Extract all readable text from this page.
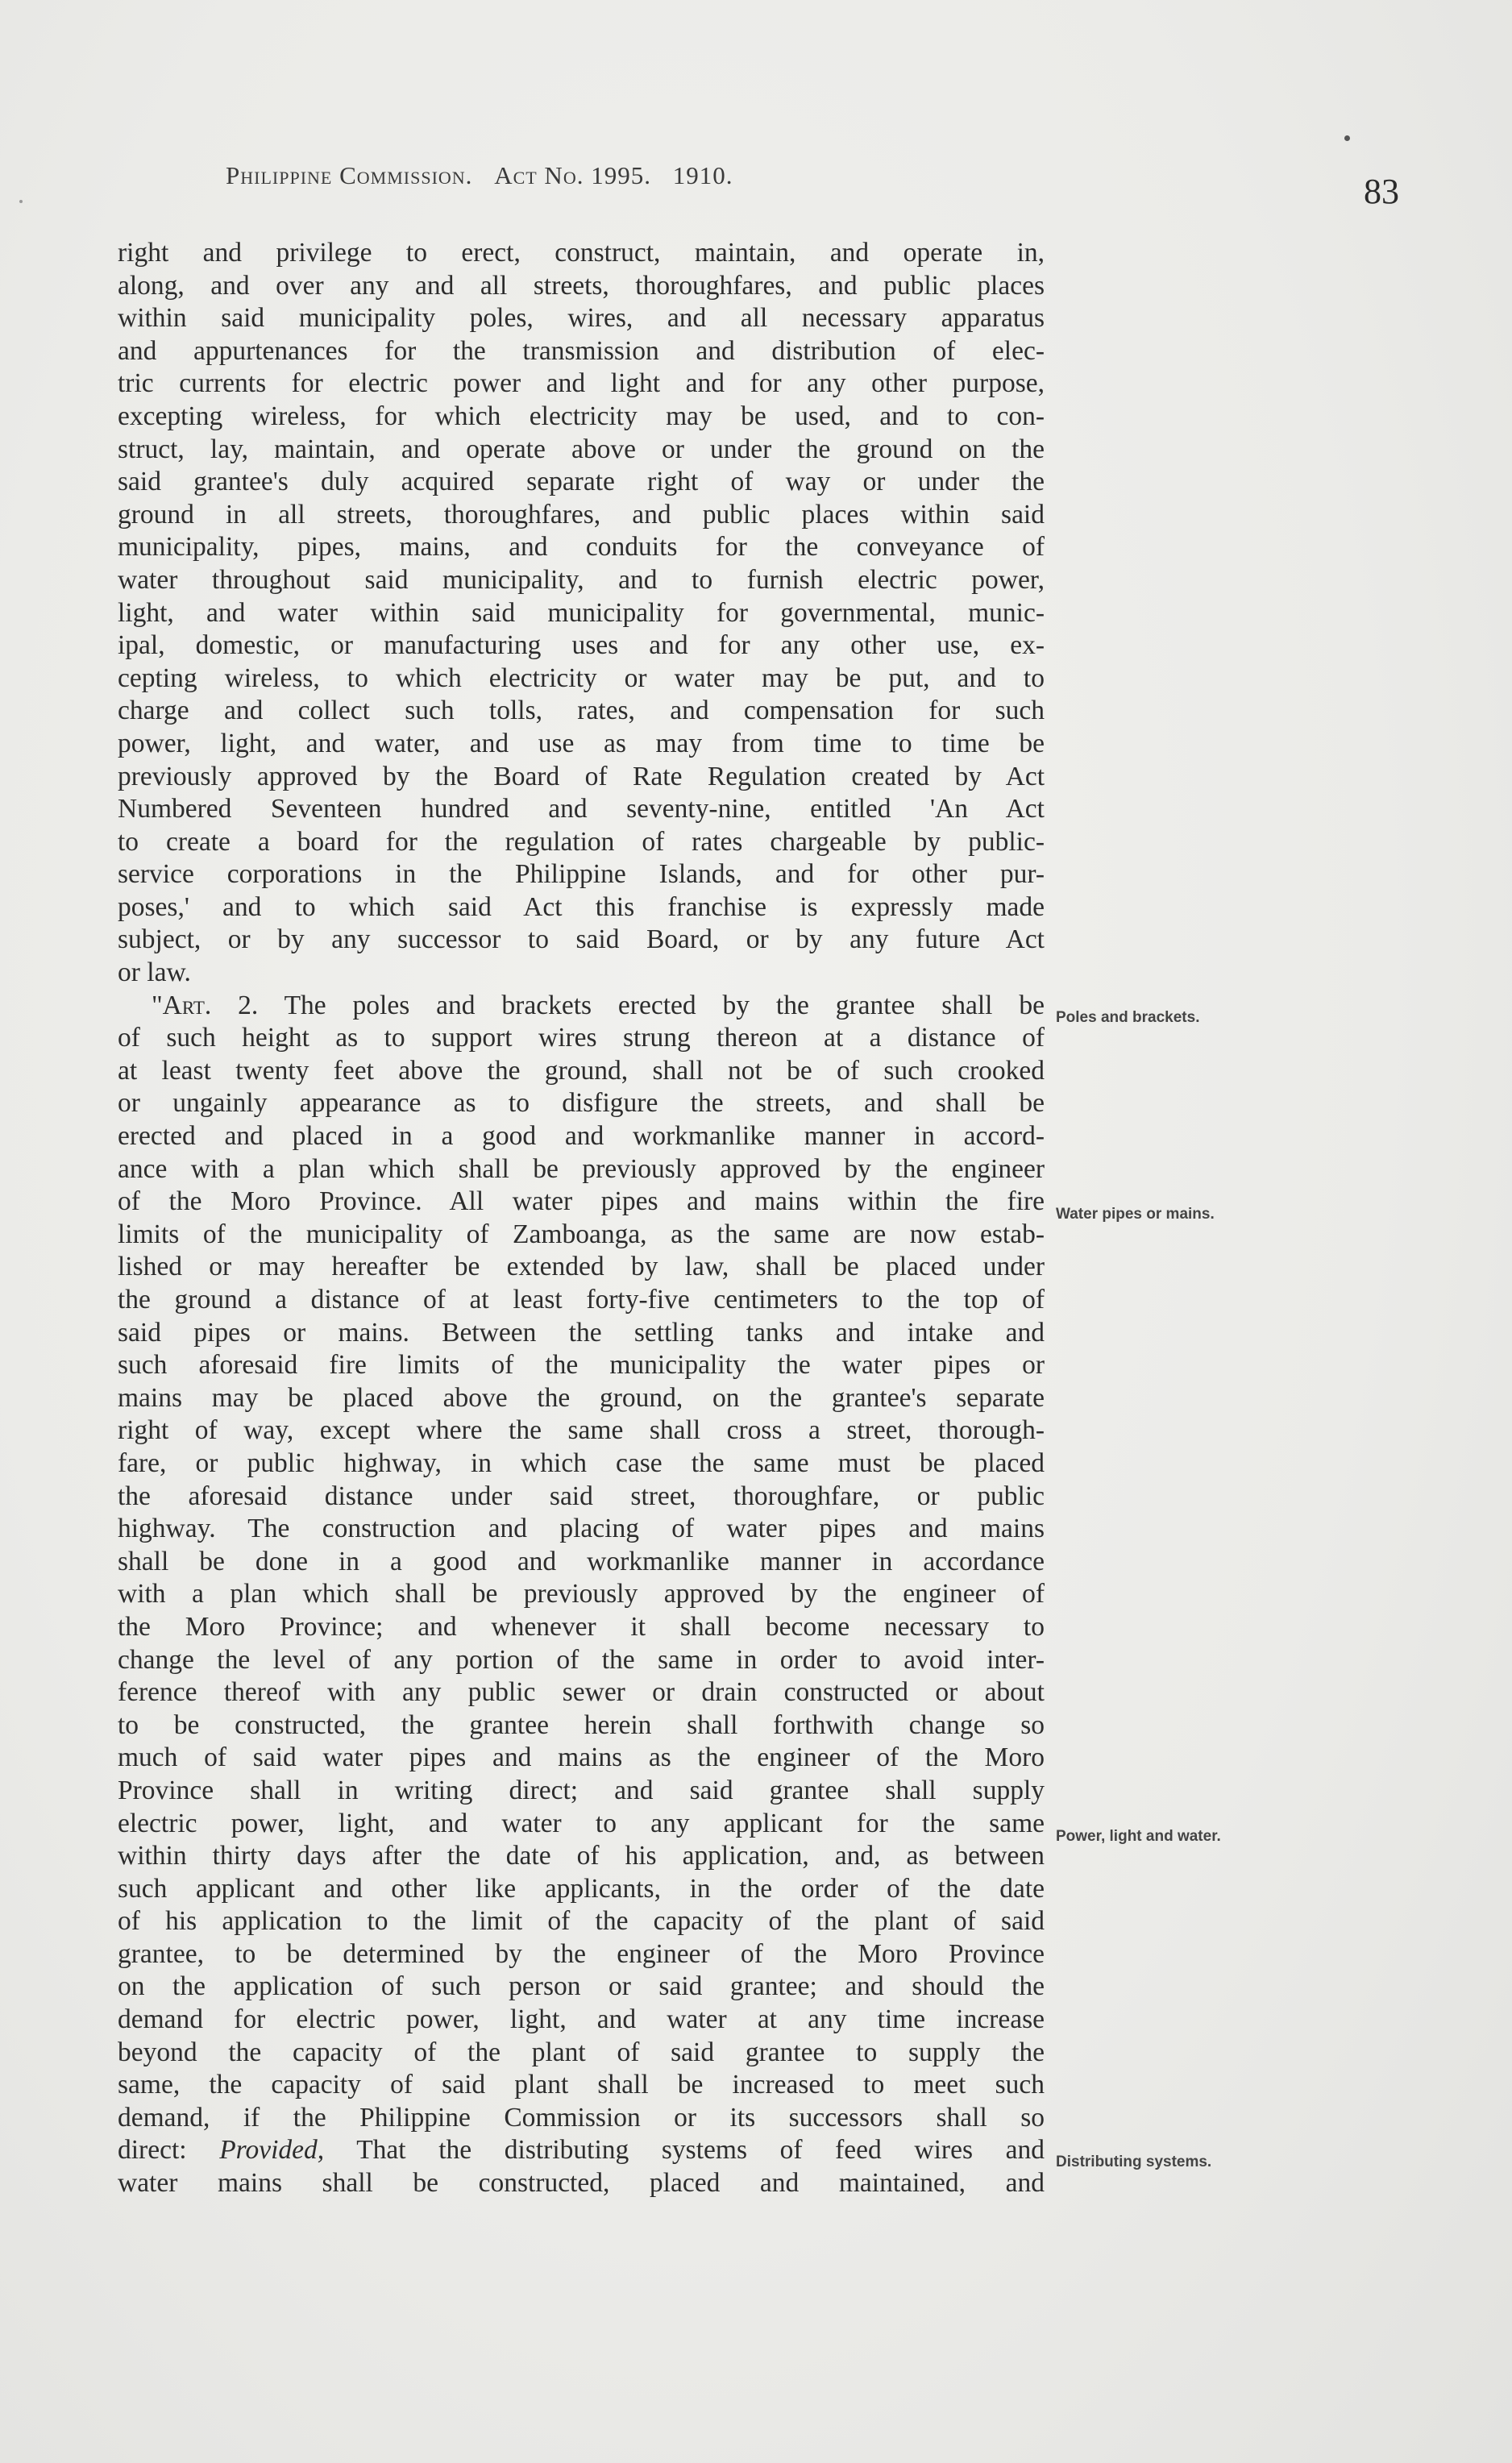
Philippine Commission. Act No. 1995. 1910.	83
right and privilege to erect, construct, maintain, and operate in,
along, and over any and all streets, thoroughfares, and public places
within said municipality poles, wires, and all necessary apparatus
and appurtenances for the transmission and distribution of elec-
tric currents for electric power and light and for any other purpose,
excepting wireless, for which electricity may be used, and to con-
struct, lay, maintain, and operate above or under the ground on the
said grantee's duly acquired separate right of way or under the
ground in all streets, thoroughfares, and public places within said
municipality, pipes, mains, and conduits for the conveyance of
water throughout said municipality, and to furnish electric power,
light, and water within said municipality for governmental, munic-
ipal, domestic, or manufacturing uses and for any other use, ex-
cepting wireless, to which electricity or water may be put, and to
charge and collect such tolls, rates, and compensation for such
power, light, and water, and use as may from time to time be
previously approved by the Board of Rate Regulation created by Act
Numbered Seventeen hundred and seventy-nine, entitled 'An Act
to create a board for the regulation of rates chargeable by public-
service corporations in the Philippine Islands, and for other pur-
poses,' and to which said Act this franchise is expressly made
subject, or by any successor to said Board, or by any future Act
or law.
"Art. 2. The poles and brackets erected by the grantee shall be
of such height as to support wires strung thereon at a distance of
at least twenty feet above the ground, shall not be of such crooked
or ungainly appearance as to disfigure the streets, and shall be
erected and placed in a good and workmanlike manner in accord-
ance with a plan which shall be previously approved by the engineer
of the Moro Province. All water pipes and mains within the fire
limits of the municipality of Zamboanga, as the same are now estab-
lished or may hereafter be extended by law, shall be placed under
the ground a distance of at least forty-five centimeters to the top of
said pipes or mains. Between the settling tanks and intake and
such aforesaid fire limits of the municipality the water pipes or
mains may be placed above the ground, on the grantee's separate
right of way, except where the same shall cross a street, thorough-
fare, or public highway, in which case the same must be placed
the aforesaid distance under said street, thoroughfare, or public
highway. The construction and placing of water pipes and mains
shall be done in a good and workmanlike manner in accordance
with a plan which shall be previously approved by the engineer of
the Moro Province; and whenever it shall become necessary to
change the level of any portion of the same in order to avoid inter-
ference thereof with any public sewer or drain constructed or about
to be constructed, the grantee herein shall forthwith change so
much of said water pipes and mains as the engineer of the Moro
Province shall in writing direct; and said grantee shall supply
electric power, light, and water to any applicant for the same
within thirty days after the date of his application, and, as between
such applicant and other like applicants, in the order of the date
of his application to the limit of the capacity of the plant of said
grantee, to be determined by the engineer of the Moro Province
on the application of such person or said grantee; and should the
demand for electric power, light, and water at any time increase
beyond the capacity of the plant of said grantee to supply the
same, the capacity of said plant shall be increased to meet such
demand, if the Philippine Commission or its successors shall so
direct: Provided, That the distributing systems of feed wires and
water mains shall be constructed, placed and maintained, and
Poles and brackets.
Water pipes or mains.
Power, light and water.
Distributing systems.
